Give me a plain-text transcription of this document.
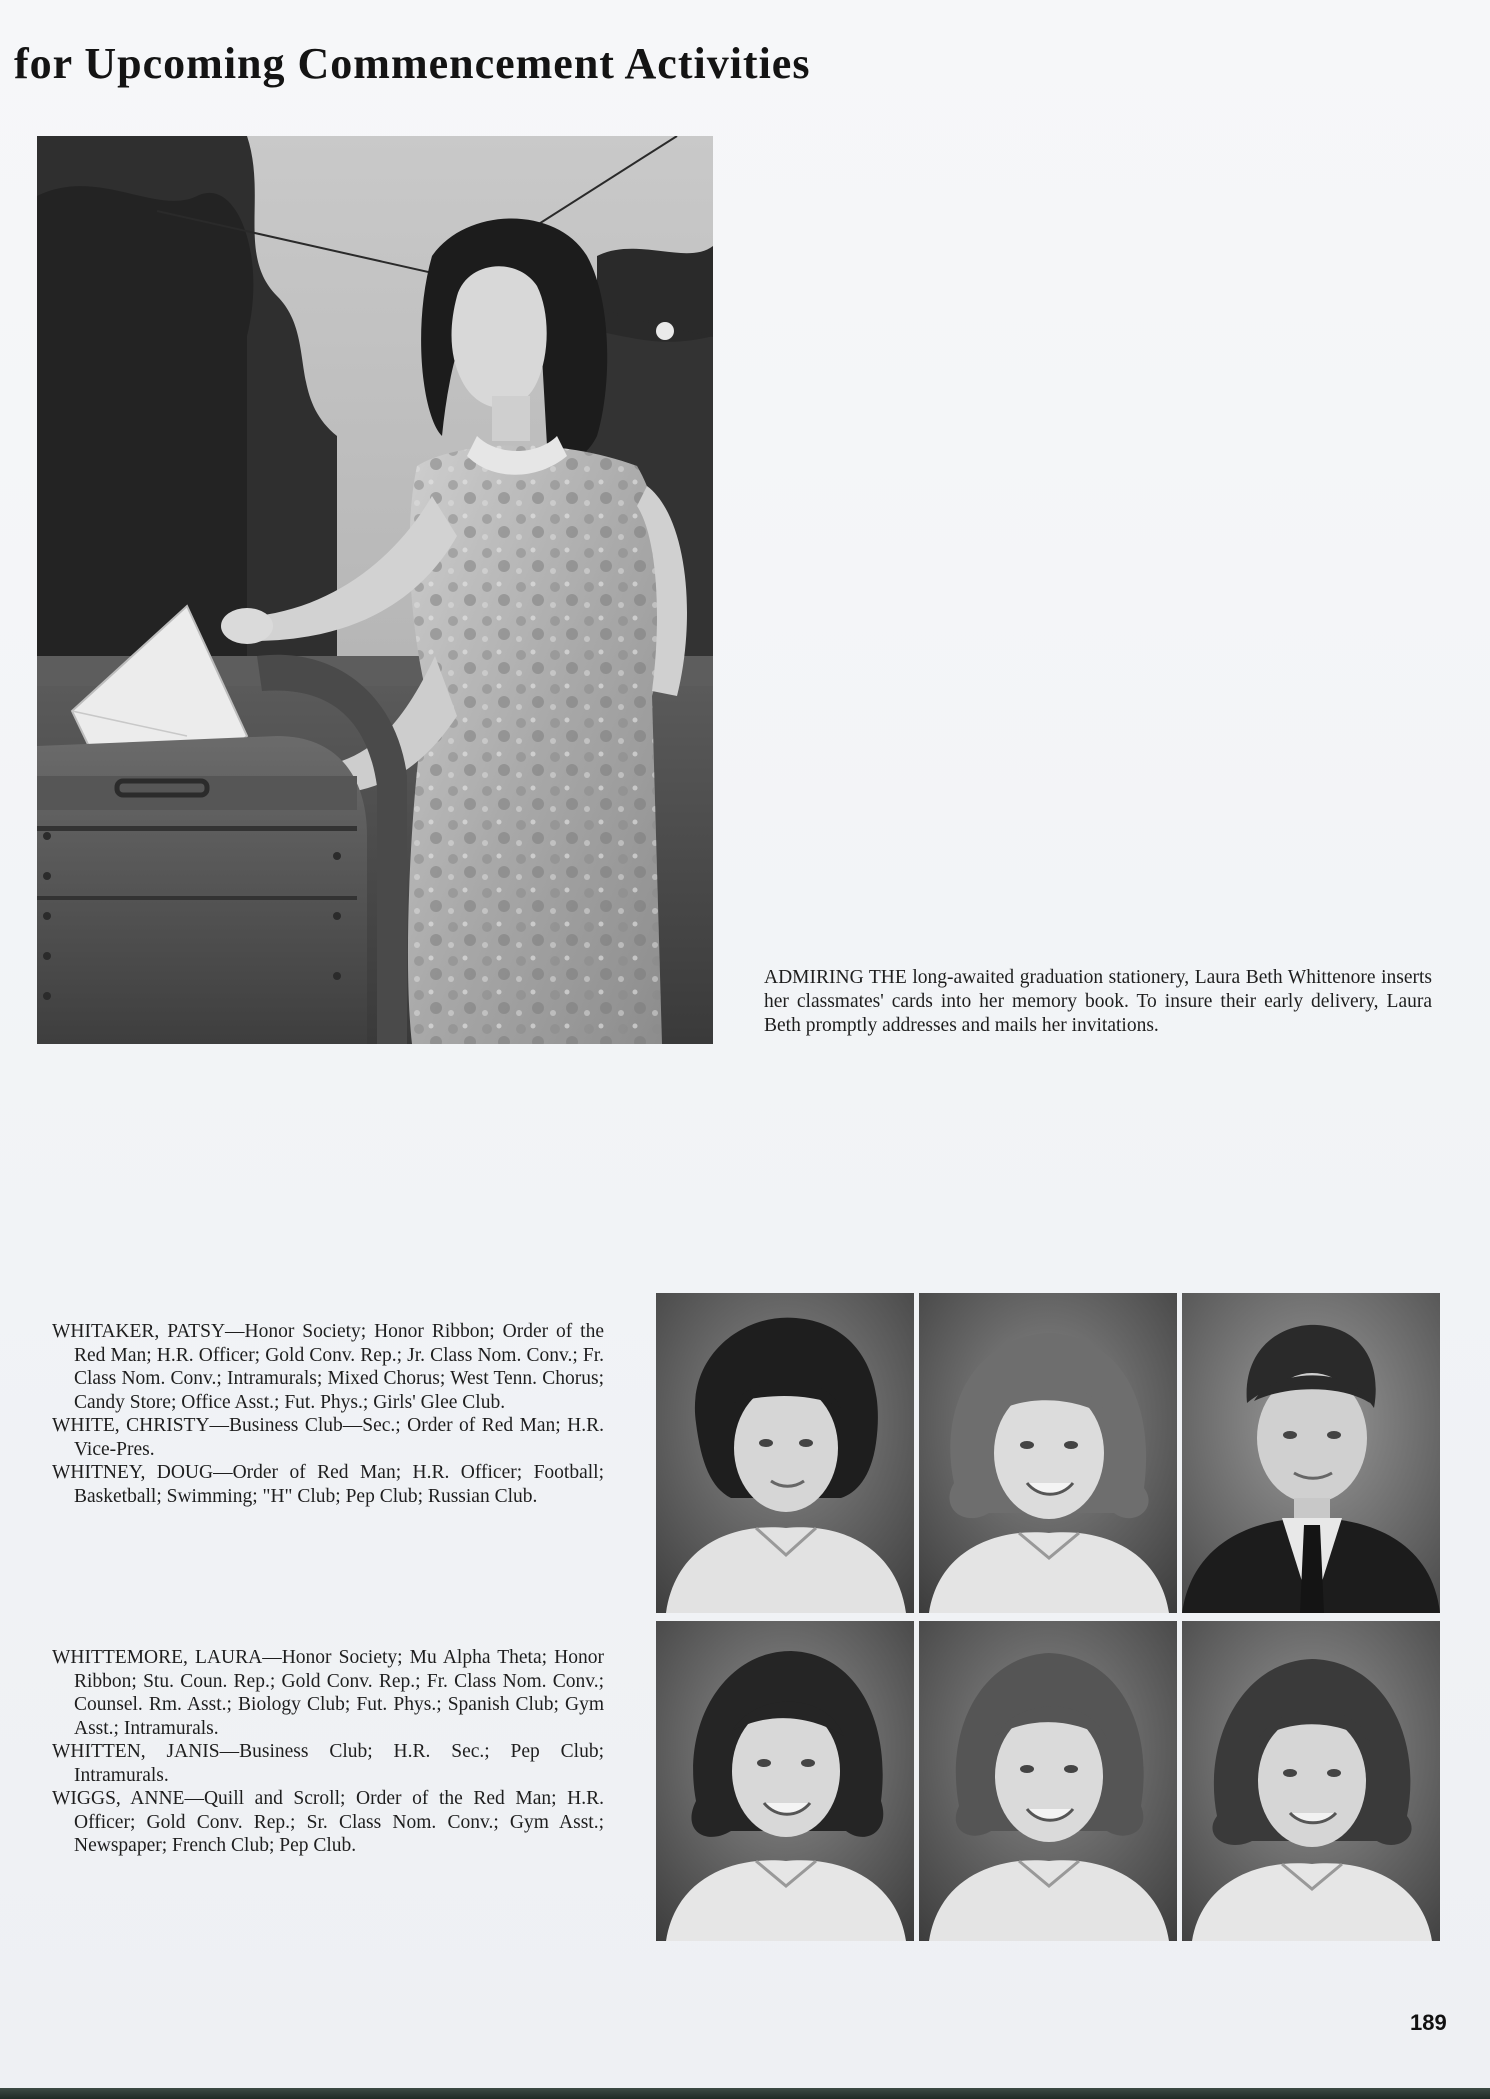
for Upcoming Commencement Activities

ADMIRING THE long-awaited graduation stationery, Laura Beth Whittenore inserts her classmates' cards into her memory book. To insure their early delivery, Laura Beth promptly addresses and mails her invitations.

WHITAKER, PATSY—Honor Society; Honor Ribbon; Order of the Red Man; H.R. Officer; Gold Conv. Rep.; Jr. Class Nom. Conv.; Fr. Class Nom. Conv.; Intramurals; Mixed Chorus; West Tenn. Chorus; Candy Store; Office Asst.; Fut. Phys.; Girls' Glee Club.

WHITE, CHRISTY—Business Club—Sec.; Order of Red Man; H.R. Vice-Pres.

WHITNEY, DOUG—Order of Red Man; H.R. Officer; Football; Basketball; Swimming; "H" Club; Pep Club; Russian Club.

WHITTEMORE, LAURA—Honor Society; Mu Alpha Theta; Honor Ribbon; Stu. Coun. Rep.; Gold Conv. Rep.; Fr. Class Nom. Conv.; Counsel. Rm. Asst.; Biology Club; Fut. Phys.; Spanish Club; Gym Asst.; Intramurals.

WHITTEN, JANIS—Business Club; H.R. Sec.; Pep Club; Intramurals.

WIGGS, ANNE—Quill and Scroll; Order of the Red Man; H.R. Officer; Gold Conv. Rep.; Sr. Class Nom. Conv.; Gym Asst.; Newspaper; French Club; Pep Club.

189
